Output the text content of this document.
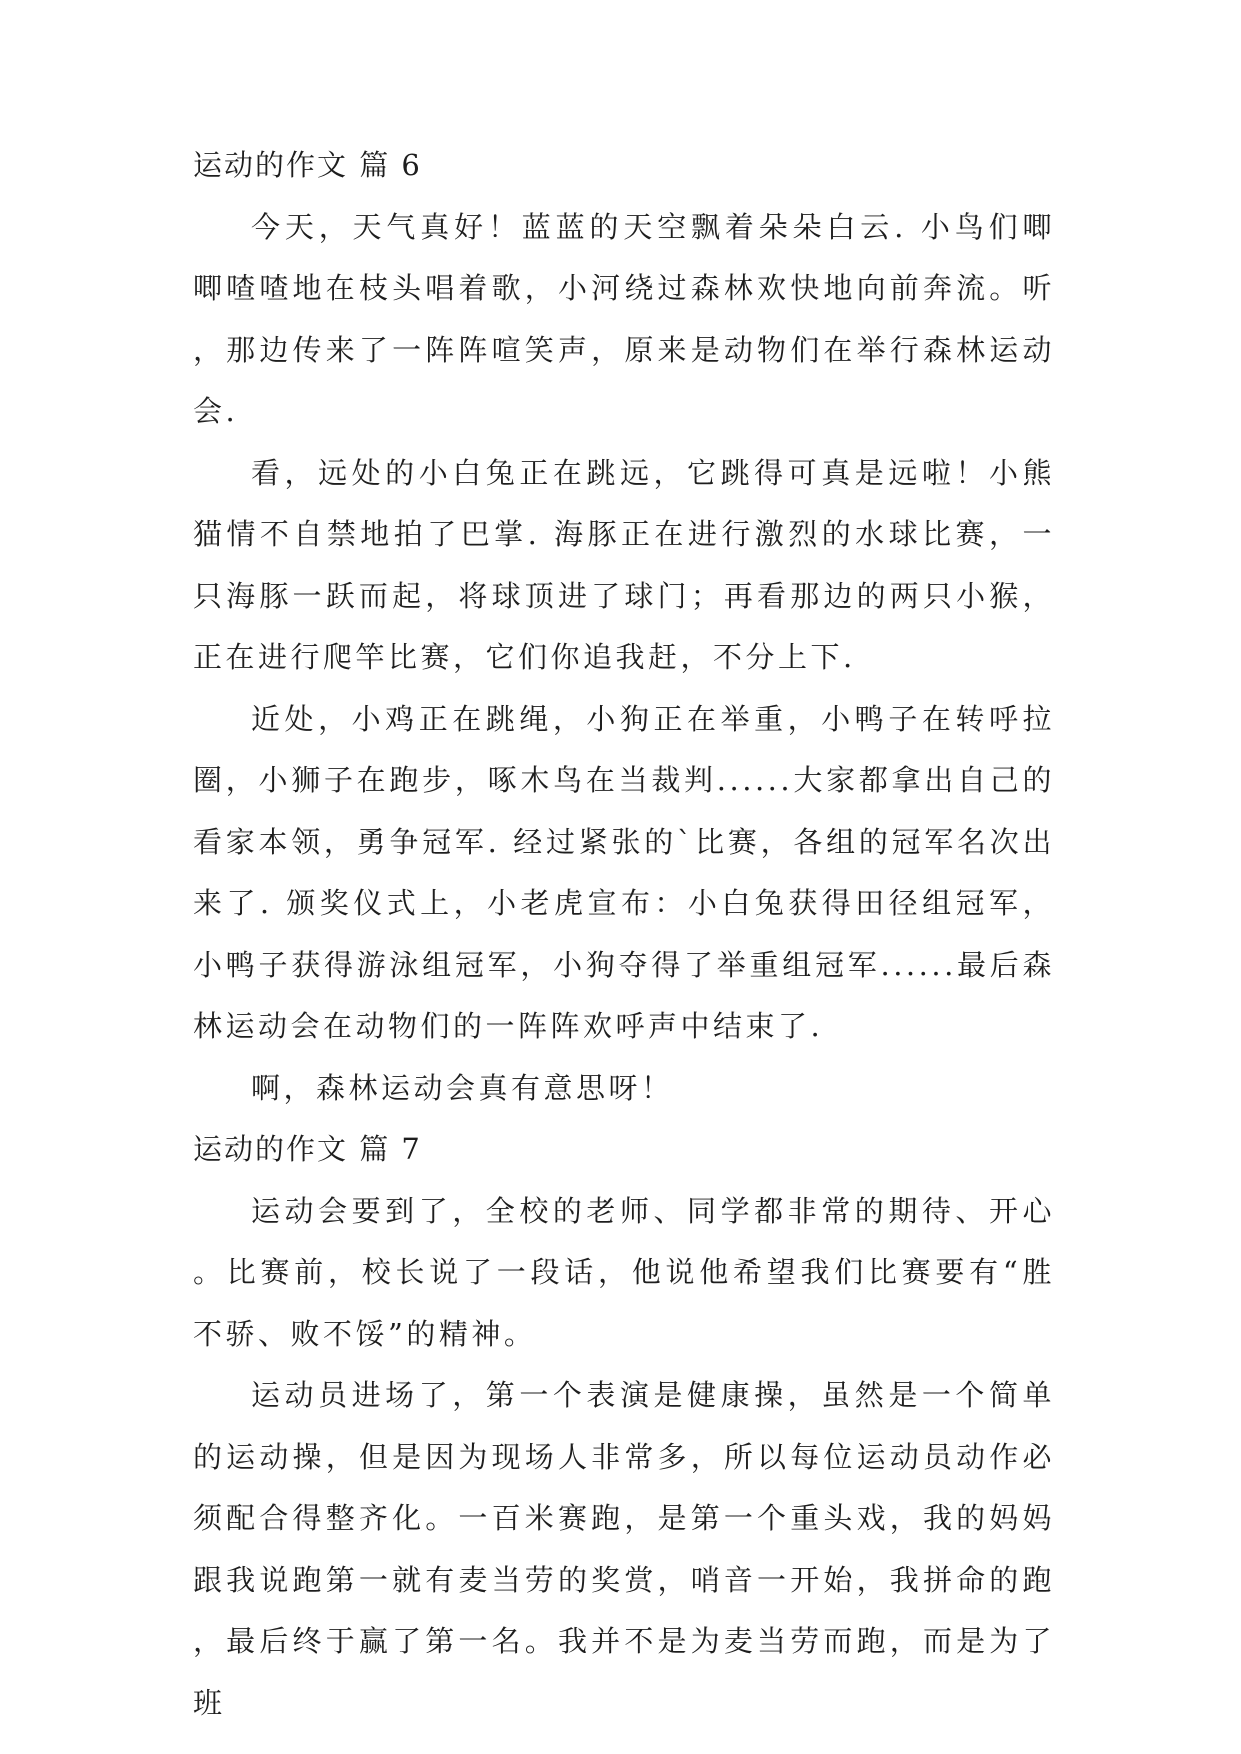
运动的作文 篇 6

今天，天气真好！蓝蓝的天空飘着朵朵白云. 小鸟们唧唧喳喳地在枝头唱着歌，小河绕过森林欢快地向前奔流。听，那边传来了一阵阵喧笑声，原来是动物们在举行森林运动会.

看，远处的小白兔正在跳远，它跳得可真是远啦！小熊猫情不自禁地拍了巴掌. 海豚正在进行激烈的水球比赛，一只海豚一跃而起，将球顶进了球门；再看那边的两只小猴，正在进行爬竿比赛，它们你追我赶，不分上下.

近处，小鸡正在跳绳，小狗正在举重，小鸭子在转呼拉圈，小狮子在跑步，啄木鸟在当裁判......大家都拿出自己的看家本领，勇争冠军. 经过紧张的`比赛，各组的冠军名次出来了. 颁奖仪式上，小老虎宣布：小白兔获得田径组冠军，小鸭子获得游泳组冠军，小狗夺得了举重组冠军......最后森林运动会在动物们的一阵阵欢呼声中结束了.

啊，森林运动会真有意思呀！

运动的作文 篇 7

运动会要到了，全校的老师、同学都非常的期待、开心。比赛前，校长说了一段话，他说他希望我们比赛要有“胜不骄、败不馁”的精神。

运动员进场了，第一个表演是健康操，虽然是一个简单的运动操，但是因为现场人非常多，所以每位运动员动作必须配合得整齐化。一百米赛跑，是第一个重头戏，我的妈妈跟我说跑第一就有麦当劳的奖赏，哨音一开始，我拼命的跑，最后终于赢了第一名。我并不是为麦当劳而跑，而是为了班
